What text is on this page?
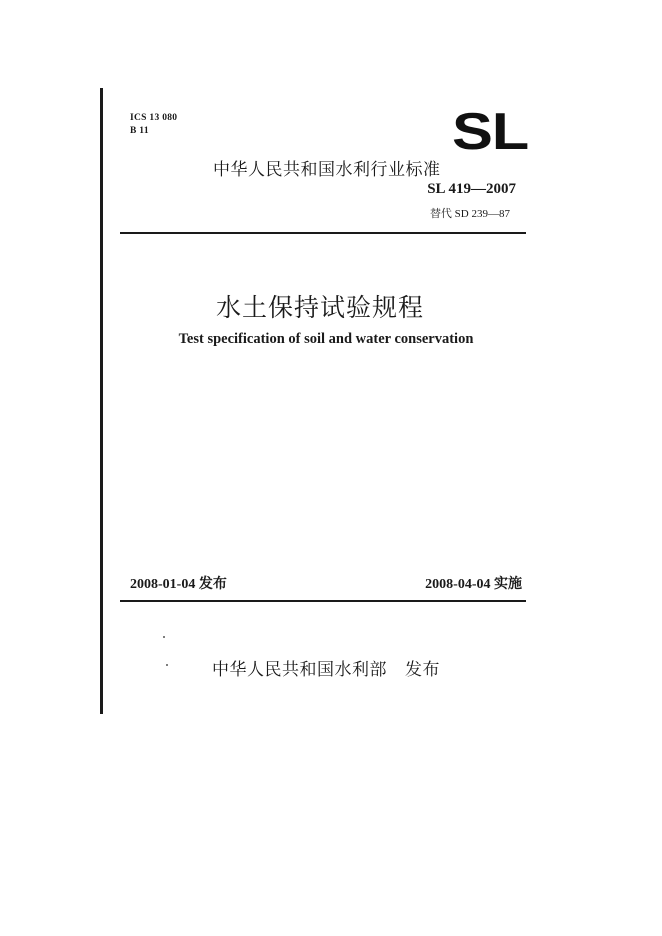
ICS 13 080
B 11	SL
中华人民共和国水利行业标准
SL 419—2007
替代 SD 239—87
水土保持试验规程
Test specification of soil and water conservation
2008-01-04 发布	2008-04-04 实施
中华人民共和国水利部 发布
